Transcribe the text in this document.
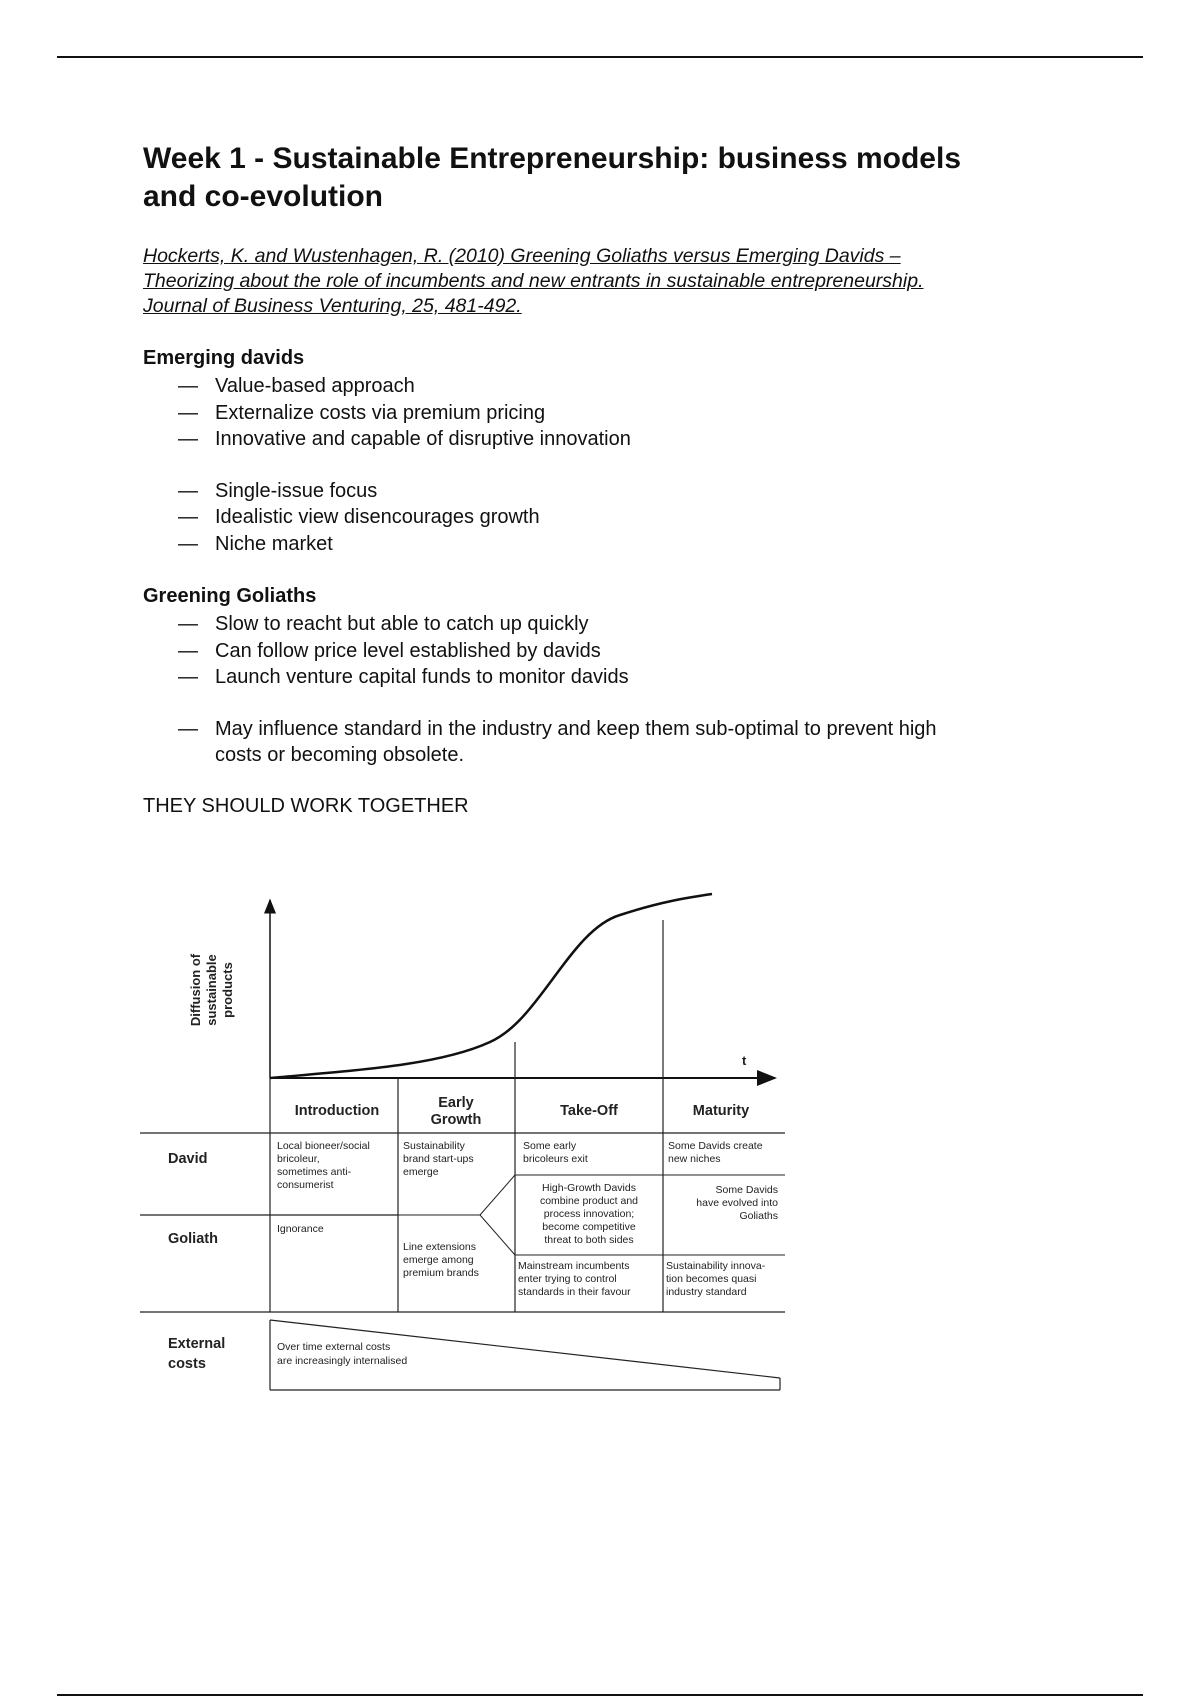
Week 1 - Sustainable Entrepreneurship: business models
and co-evolution
Hockerts, K. and Wustenhagen, R. (2010) Greening Goliaths versus Emerging Davids –
Theorizing about the role of incumbents and new entrants in sustainable entrepreneurship.
Journal of Business Venturing, 25, 481-492.
Emerging davids
— Value-based approach
— Externalize costs via premium pricing
— Innovative and capable of disruptive innovation
— Single-issue focus
— Idealistic view disencourages growth
— Niche market
Greening Goliaths
— Slow to reacht but able to catch up quickly
— Can follow price level established by davids
— Launch venture capital funds to monitor davids
— May influence standard in the industry and keep them sub-optimal to prevent high
costs or becoming obsolete.
THEY SHOULD WORK TOGETHER
Diffusion of sustainable products
t
Introduction	Early
Growth
Take-Off	Maturity
David
Goliath
External
costs
Local bioneer/social
bricoleur,
sometimes anti-
consumerist
Sustainability
brand start-ups
emerge
Some early
bricoleurs exit
Some Davids create
new niches
High-Growth Davids
combine product and
process innovation;
become competitive
threat to both sides
Some Davids
have evolved into
Goliaths
Ignorance
Line extensions
emerge among
premium brands
Mainstream incumbents
enter trying to control
standards in their favour
Sustainability innova-
tion becomes quasi
industry standard
Over time external costs
are increasingly internalised
